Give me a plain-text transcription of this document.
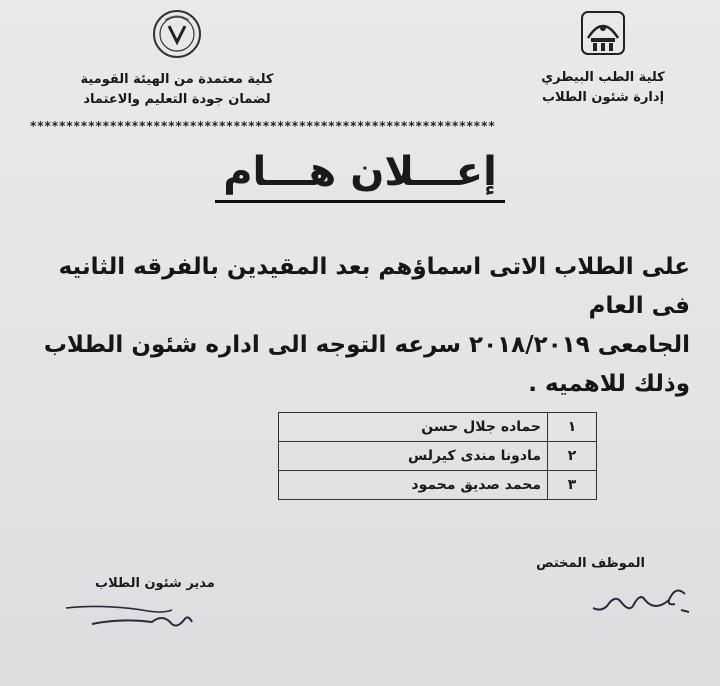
كلية الطب البيطري
إدارة شئون الطلاب
كلية معتمدة من الهيئة القومية
لضمان جودة التعليم والاعتماد
****************************************************************
إعـــلان هـــام
على الطلاب الاتى اسماؤهم بعد المقيدين بالفرقه الثانيه فى العام
الجامعى ٢٠١٨/٢٠١٩ سرعه التوجه الى اداره شئون الطلاب
وذلك للاهميه .
١	حماده جلال حسن
٢	مادونا مندى كيرلس
٣	محمد صديق محمود
الموظف المختص
مدير شئون الطلاب
